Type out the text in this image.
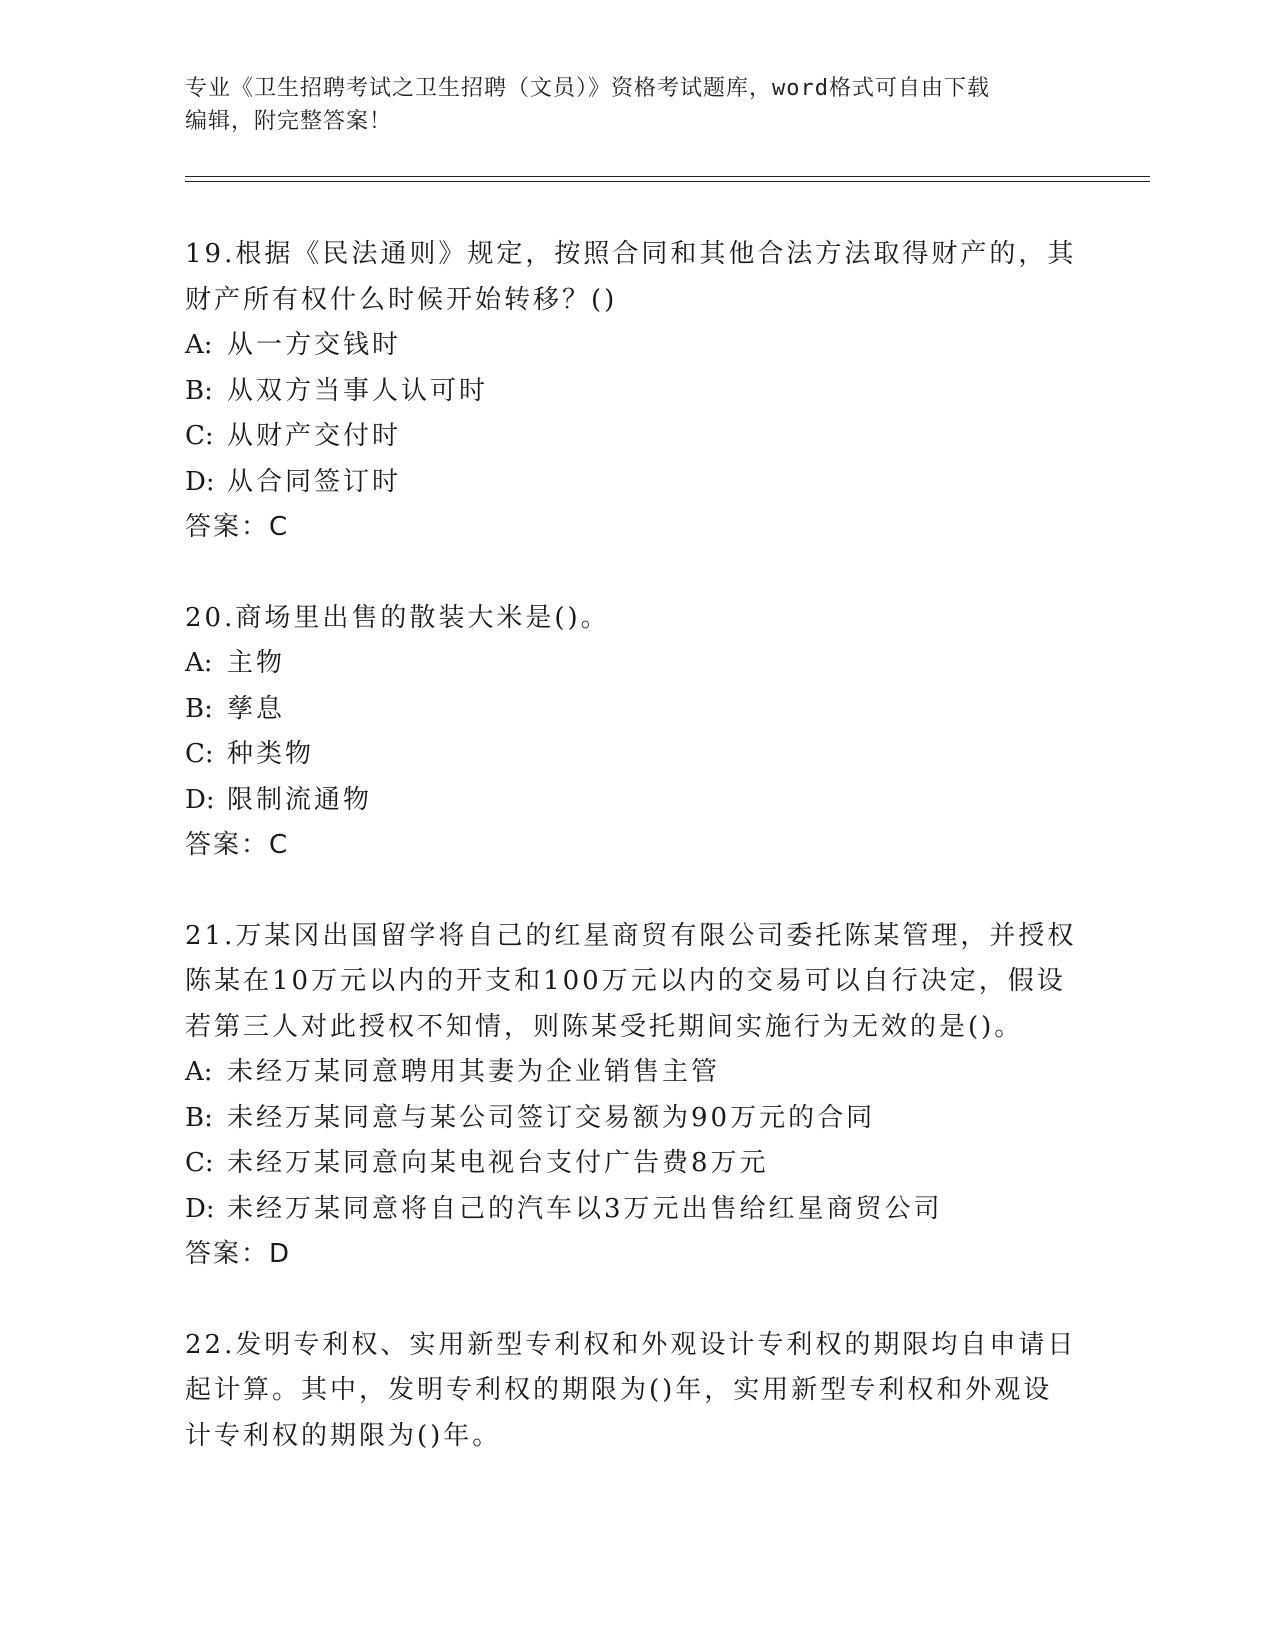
专业《卫生招聘考试之卫生招聘（文员）》资格考试题库，word格式可自由下载
编辑，附完整答案！

19.根据《民法通则》规定，按照合同和其他合法方法取得财产的，其

财产所有权什么时候开始转移？()

A: 从一方交钱时

B: 从双方当事人认可时

C: 从财产交付时

D: 从合同签订时

答案：C

20.商场里出售的散装大米是()。

A: 主物

B: 孳息

C: 种类物

D: 限制流通物

答案：C

21.万某冈出国留学将自己的红星商贸有限公司委托陈某管理，并授权

陈某在10万元以内的开支和100万元以内的交易可以自行决定，假设

若第三人对此授权不知情，则陈某受托期间实施行为无效的是()。

A: 未经万某同意聘用其妻为企业销售主管

B: 未经万某同意与某公司签订交易额为90万元的合同

C: 未经万某同意向某电视台支付广告费8万元

D: 未经万某同意将自己的汽车以3万元出售给红星商贸公司

答案：D

22.发明专利权、实用新型专利权和外观设计专利权的期限均自申请日

起计算。其中，发明专利权的期限为()年，实用新型专利权和外观设

计专利权的期限为()年。
